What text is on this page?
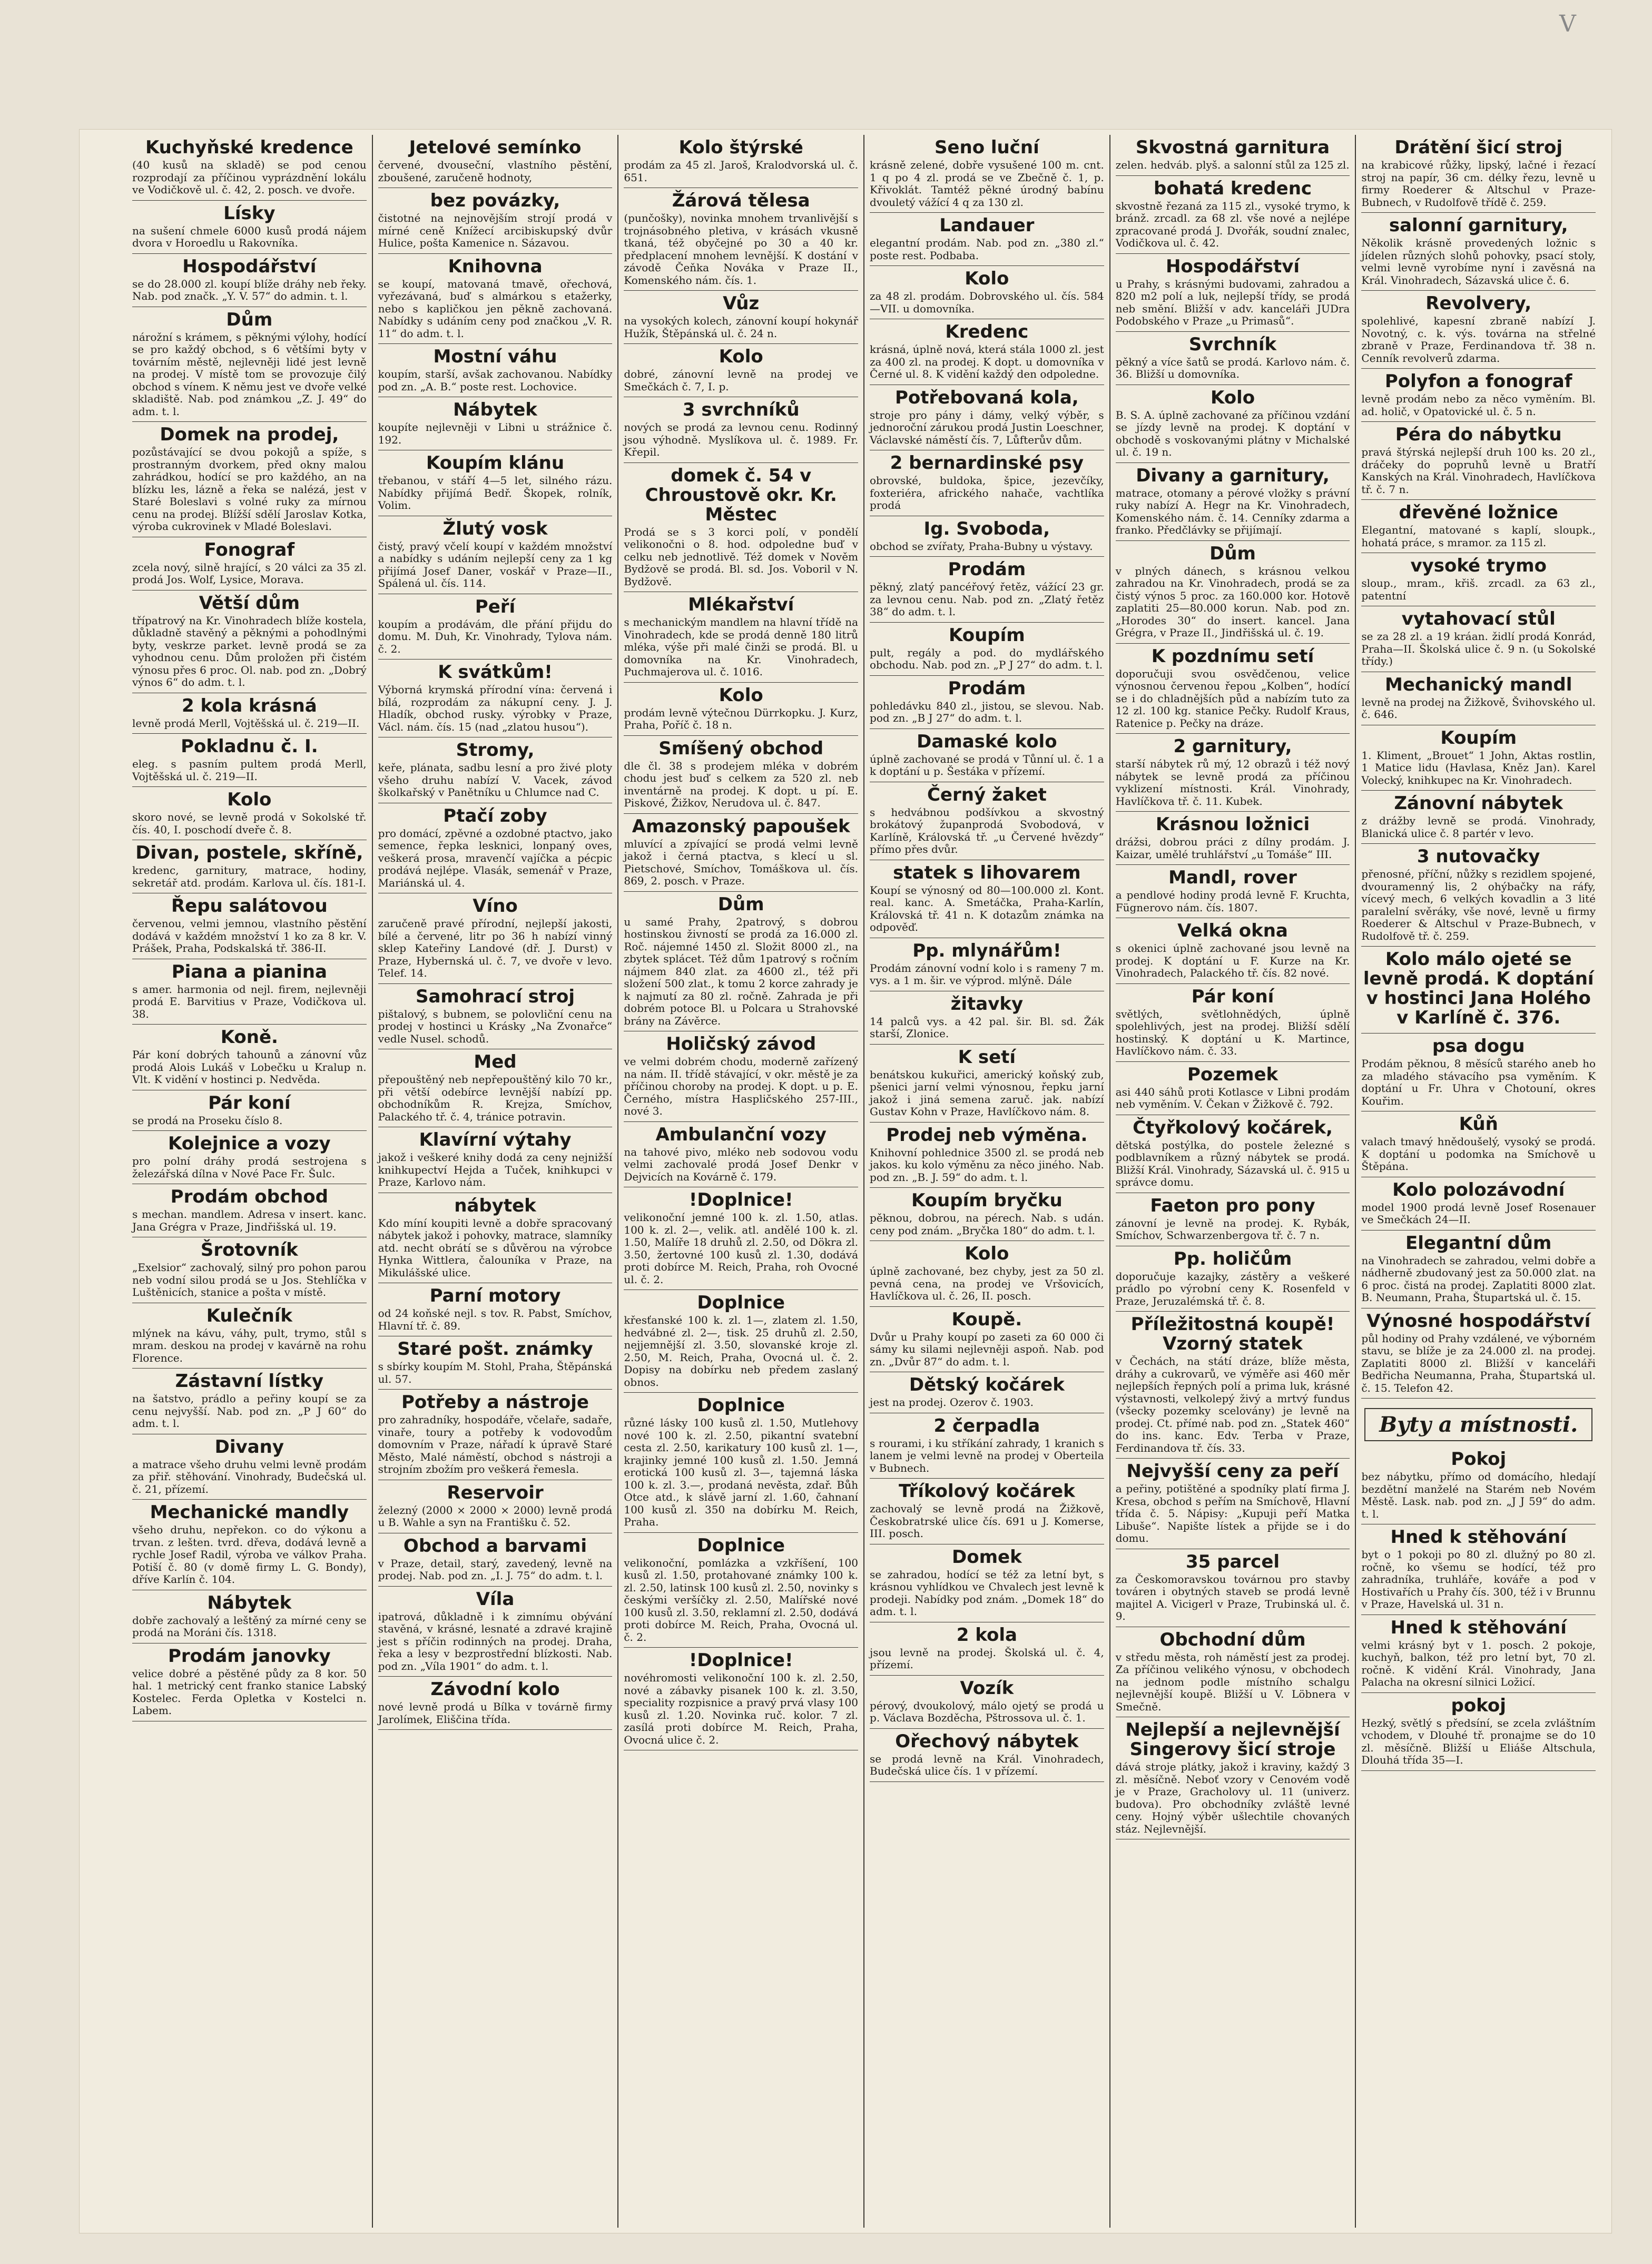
V
Kuchyňské kredence

(40 kusů na skladě) se pod cenou rozprodají za příčinou vyprázdnění lokálu ve Vodičkově ul. č. 42, 2. posch. ve dvoře.

Lísky

na sušení chmele 6000 kusů prodá nájem dvora v Horoedlu u Rakovníka.

Hospodářství

se do 28.000 zl. koupí blíže dráhy neb řeky. Nab. pod značk. „Y. V. 57“ do admin. t. l.

Dům

nárožní s krámem, s pěknými výlohy, hodící se pro každý obchod, s 6 většími byty v továrním městě, nejlevněji lidé jest levně na prodej. V místě tom se provozuje čilý obchod s vínem. K němu jest ve dvoře velké skladiště. Nab. pod známkou „Z. J. 49“ do adm. t. l.

Domek na prodej,

pozůstávající se dvou pokojů a spíže, s prostranným dvorkem, před okny malou zahrádkou, hodící se pro každého, an na blízku les, lázně a řeka se nalézá, jest v Staré Boleslavi s volné ruky za mírnou cenu na prodej. Blížší sdělí Jaroslav Kotka, výroba cukrovinek v Mladé Boleslavi.

Fonograf

zcela nový, silně hrající, s 20 válci za 35 zl. prodá Jos. Wolf, Lysice, Morava.

Větší dům

třípatrový na Kr. Vinohradech blíže kostela, důkladně stavěný a pěknými a pohodlnými byty, veskrze parket. levně prodá se za vyhodnou cenu. Dům proložen při čistém výnosu přes 6 proc. Ol. nab. pod zn. „Dobrý výnos 6“ do adm. t. l.

2 kola krásná

levně prodá Merll, Vojtěšská ul. č. 219—II.

Pokladnu č. I.

eleg. s pasním pultem prodá Merll, Vojtěšská ul. č. 219—II.

Kolo

skoro nové, se levně prodá v Sokolské tř. čís. 40, I. poschodí dveře č. 8.

Divan, postele, skříně,

kredenc, garnitury, matrace, hodiny, sekretář atd. prodám. Karlova ul. čís. 181-I.

Řepu salátovou

červenou, velmi jemnou, vlastního pěstění dodává v každém množství 1 ko za 8 kr. V. Prášek, Praha, Podskalská tř. 386-II.

Piana a pianina

s amer. harmonia od nejl. firem, nejlevněji prodá E. Barvitius v Praze, Vodičkova ul. 38.

Koně.

Pár koní dobrých tahounů a zánovní vůz prodá Alois Lukáš v Lobečku u Kralup n. Vlt. K vidění v hostinci p. Nedvěda.

Pár koní

se prodá na Proseku číslo 8.

Kolejnice a vozy

pro polní dráhy prodá sestrojena s železářská dílna v Nové Pace Fr. Šulc.

Prodám obchod

s mechan. mandlem. Adresa v insert. kanc. Jana Grégra v Praze, Jindřišská ul. 19.

Šrotovník

„Exelsior“ zachovalý, silný pro pohon parou neb vodní silou prodá se u Jos. Stehlíčka v Luštěnicích, stanice a pošta v místě.

Kulečník

mlýnek na kávu, váhy, pult, trymo, stůl s mram. deskou na prodej v kavárně na rohu Florence.

Zástavní lístky

na šatstvo, prádlo a peřiny koupí se za cenu nejvyšší. Nab. pod zn. „P J 60“ do adm. t. l.

Divany

a matrace všeho druhu velmi levně prodám za přiř. stěhování. Vinohrady, Budečská ul. č. 21, přízemí.

Mechanické mandly

všeho druhu, nepřekon. co do výkonu a trvan. z lešten. tvrd. dřeva, dodává levně a rychle Josef Radil, výroba ve válkov Praha. Potiší č. 80 (v domě firmy L. G. Bondy), dříve Karlín č. 104.

Nábytek

dobře zachovalý a leštěný za mírné ceny se prodá na Moráni čís. 1318.

Prodám janovky

velice dobré a pěstěné půdy za 8 kor. 50 hal. 1 metrický cent franko stanice Labský Kostelec. Ferda Opletka v Kostelci n. Labem.

Jetelové semínko

červené, dvouseční, vlastního pěstění, zboušené, zaručeně hodnoty,

bez povázky,

čistotné na nejnovějším strojí prodá v mírné ceně Knížecí arcibiskupský dvůr Hulice, pošta Kamenice n. Sázavou.

Knihovna

se koupí, matovaná tmavě, ořechová, vyřezávaná, buď s almárkou s etažerky, nebo s kapličkou jen pěkně zachovaná. Nabídky s udáním ceny pod značkou „V. R. 11“ do adm. t. l.

Mostní váhu

koupím, starší, avšak zachovanou. Nabídky pod zn. „A. B.“ poste rest. Lochovice.

Nábytek

koupíte nejlevněji v Libni u strážnice č. 192.

Koupím klánu

třebanou, v stáří 4—5 let, silného rázu. Nabídky přijímá Bedř. Škopek, rolník, Volim.

Žlutý vosk

čistý, pravý včelí koupí v každém množství a nabídky s udáním nejlepší ceny za 1 kg přijímá Josef Daner, voskář v Praze—II., Spálená ul. čís. 114.

Peří

koupím a prodávám, dle přání přijdu do domu. M. Duh, Kr. Vinohrady, Tylova nám. č. 2.

K svátkům!

Výborná krymská přírodní vína: červená i bílá, rozprodám za nákupní ceny. J. J. Hladík, obchod rusky. výrobky v Praze, Václ. nám. čís. 15 (nad „zlatou husou“).

Stromy,

keře, plánata, sadbu lesní a pro živé ploty všeho druhu nabízí V. Vacek, závod školkařský v Panětníku u Chlumce nad C.

Ptačí zoby

pro domácí, zpěvné a ozdobné ptactvo, jako semence, řepka lesknici, lonpaný oves, veškerá prosa, mravenčí vajíčka a pécpic prodává nejlépe. Vlasák, semenář v Praze, Mariánská ul. 4.

Víno

zaručeně pravé přírodní, nejlepší jakosti, bílé a červené, litr po 36 h nabízí vinný sklep Kateřiny Landové (dř. J. Durst) v Praze, Hybernská ul. č. 7, ve dvoře v levo. Telef. 14.

Samohrací stroj

pištalový, s bubnem, se polovliční cenu na prodej v hostinci u Krásky „Na Zvonařce“ vedle Nusel. schodů.

Med

přepouštěný neb nepřepouštěný kilo 70 kr., při větší odebírce levnější nabízí pp. obchodníkům R. Krejza, Smíchov, Palackého tř. č. 4, tránice potravin.

Klavírní výtahy

jakož i veškeré knihy dodá za ceny nejnižší knihkupectví Hejda a Tuček, knihkupci v Praze, Karlovo nám.

nábytek

Kdo míní koupiti levně a dobře spracovaný nábytek jakož i pohovky, matrace, slamníky atd. necht obrátí se s důvěrou na výrobce Hynka Wittlera, čalouníka v Praze, na Mikulášské ulice.

Parní motory

od 24 koňské nejl. s tov. R. Pabst, Smíchov, Hlavní tř. č. 89.

Staré pošt. známky

s sbírky koupím M. Stohl, Praha, Štěpánská ul. 57.

Potřeby a nástroje

pro zahradníky, hospodáře, včelaře, sadaře, vinaře, toury a potřeby k vodovodům domovním v Praze, nářadí k úpravě Staré Město, Malé náměstí, obchod s nástroji a strojním zbožím pro veškerá řemesla.

Reservoir

železný (2000 × 2000 × 2000) levně prodá u B. Wahle a syn na Františku č. 52.

Obchod a barvami

v Praze, detail, starý, zavedený, levně na prodej. Nab. pod zn. „I. J. 75“ do adm. t. l.

Víla

ipatrová, důkladně i k zimnímu obývání stavěná, v krásné, lesnaté a zdravé krajině jest s příčin rodinných na prodej. Draha, řeka a lesy v bezprostřední blízkosti. Nab. pod zn. „Víla 1901“ do adm. t. l.

Závodní kolo

nové levně prodá u Bílka v továrně firmy Jarolímek, Eliščina třída.

Kolo štýrské

prodám za 45 zl. Jaroš, Kralodvorská ul. č. 651.

Žárová tělesa

(punčošky), novinka mnohem trvanlivější s trojnásobného pletiva, v krásách vkusně tkaná, též obyčejné po 30 a 40 kr. předplacení mnohem levnější. K dostání v závodě Čeňka Nováka v Praze II., Komenského nám. čís. 1.

Vůz

na vysokých kolech, zánovní koupí hokynář Hužík, Štěpánská ul. č. 24 n.

Kolo

dobré, zánovní levně na prodej ve Smečkách č. 7, I. p.

3 svrchníků

nových se prodá za levnou cenu. Rodinný jsou výhodně. Myslíkova ul. č. 1989. Fr. Křepil.

domek č. 54 v Chroustově okr. Kr. Městec

Prodá se s 3 korci polí, v pondělí velikonočni o 8. hod. odpoledne buď v celku neb jednotlivě. Též domek v Nověm Bydžově se prodá. Bl. sd. Jos. Voboril v N. Bydžově.

Mlékařství

s mechanickým mandlem na hlavní třídě na Vinohradech, kde se prodá denně 180 litrů mléka, výše při malé činži se prodá. Bl. u domovníka na Kr. Vinohradech, Puchmajerova ul. č. 1016.

Kolo

prodám levně výtečnou Dürrkopku. J. Kurz, Praha, Poříč č. 18 n.

Smíšený obchod

dle čl. 38 s prodejem mléka v dobrém chodu jest buď s celkem za 520 zl. neb inventárně na prodej. K dopt. u pí. E. Piskové, Žižkov, Nerudova ul. č. 847.

Amazonský papoušek

mluvící a zpívající se prodá velmi levně jakož i černá ptactva, s klecí u sl. Pietschové, Smíchov, Tomáškova ul. čís. 869, 2. posch. v Praze.

Dům

u samé Prahy, 2patrový, s dobrou hostinskou živností se prodá za 16.000 zl. Roč. nájemné 1450 zl. Složit 8000 zl., na zbytek splácet. Též dům 1patrový s ročním nájmem 840 zlat. za 4600 zl., též při složení 500 zlat., k tomu 2 korce zahrady je k najmutí za 80 zl. ročně. Zahrada je při dobrém potoce Bl. u Polcara u Strahovské brány na Závěrce.

Holičský závod

ve velmi dobrém chodu, moderně zařízený na nám. II. třídě stávající, v okr. městě je za příčinou choroby na prodej. K dopt. u p. E. Černého, místra Haspličského 257-III., nové 3.

Ambulanční vozy

na tahové pivo, mléko neb sodovou vodu velmi zachovalé prodá Josef Denkr v Dejvicích na Kovárně č. 179.

!Doplnice!

velikonoční jemné 100 k. zl. 1.50, atlas. 100 k. zl. 2—, velik. atl. andělé 100 k. zl. 1.50, Malíře 18 druhů zl. 2.50, od Dökra zl. 3.50, žertovné 100 kusů zl. 1.30, dodává proti dobírce M. Reich, Praha, roh Ovocné ul. č. 2.

Doplnice

křesťanské 100 k. zl. 1—, zlatem zl. 1.50, hedvábné zl. 2—, tisk. 25 druhů zl. 2.50, nejjemnější zl. 3.50, slovanské kroje zl. 2.50, M. Reich, Praha, Ovocná ul. č. 2. Dopisy na dobírku neb předem zaslaný obnos.

Doplnice

různé lásky 100 kusů zl. 1.50, Mutlehovy nové 100 k. zl. 2.50, pikantní svatební cesta zl. 2.50, karikatury 100 kusů zl. 1—, krajinky jemné 100 kusů zl. 1.50. Jemná erotická 100 kusů zl. 3—, tajemná láska 100 k. zl. 3.—, prodaná nevěsta, zdař. Bůh Otce atd., k slávě jarní zl. 1.60, čahnaní 100 kusů zl. 350 na dobírku M. Reich, Praha.

Doplnice

velikonoční, pomlázka a vzkříšení, 100 kusů zl. 1.50, protahované známky 100 k. zl. 2.50, latinsk 100 kusů zl. 2.50, novinky s českými veršíčky zl. 2.50, Malířské nové 100 kusů zl. 3.50, reklamní zl. 2.50, dodává proti dobírce M. Reich, Praha, Ovocná ul. č. 2.

!Doplnice!

novéhromosti velikonoční 100 k. zl. 2.50, nové a zábavky pisanek 100 k. zl. 3.50, speciality rozpisnice a pravý prvá vlasy 100 kusů zl. 1.20. Novinka ruč. kolor. 7 zl. zasílá proti dobírce M. Reich, Praha, Ovocná ulice č. 2.

Seno luční

krásně zelené, dobře vysušené 100 m. cnt. 1 q po 4 zl. prodá se ve Zbečně č. 1, p. Křivoklát. Tamtéž pěkné úrodný babínu dvouletý vážící 4 q za 130 zl.

Landauer

elegantní prodám. Nab. pod zn. „380 zl.“ poste rest. Podbaba.

Kolo

za 48 zl. prodám. Dobrovského ul. čís. 584—VII. u domovníka.

Kredenc

krásná, úplně nová, která stála 1000 zl. jest za 400 zl. na prodej. K dopt. u domovníka v Černé ul. 8. K vidění každý den odpoledne.

Potřebovaná kola,

stroje pro pány i dámy, velký výběr, s jednoroční zárukou prodá Justin Loeschner, Václavské náměstí čís. 7, Lůfterův dům.

2 bernardinské psy

obrovské, buldoka, špice, jezevčíky, foxteriéra, afrického nahače, vachtlíka prodá

Ig. Svoboda,

obchod se zvířaty, Praha-Bubny u výstavy.

Prodám

pěkný, zlatý pancéřový řetěz, vážící 23 gr. za levnou cenu. Nab. pod zn. „Zlatý řetěz 38“ do adm. t. l.

Koupím

pult, regály a pod. do mydlářského obchodu. Nab. pod zn. „P J 27“ do adm. t. l.

Prodám

pohledávku 840 zl., jistou, se slevou. Nab. pod zn. „B J 27“ do adm. t. l.

Damaské kolo

úplně zachované se prodá v Tůnní ul. č. 1 a k doptání u p. Šestáka v přízemí.

Černý žaket

s hedvábnou podšívkou a skvostný brokátový županprodá Svobodová, v Karlíně, Královská tř. „u Červené hvězdy“ přímo přes dvůr.

statek s lihovarem

Koupí se výnosný od 80—100.000 zl. Kont. real. kanc. A. Smetáčka, Praha-Karlín, Královská tř. 41 n. K dotazům známka na odpověď.

Pp. mlynářům!

Prodám zánovní vodní kolo i s rameny 7 m. vys. a 1 m. šir. ve výprod. mlýně. Dále

žitavky

14 palců vys. a 42 pal. šir. Bl. sd. Žák starší, Zlonice.

K setí

benátskou kukuřici, americký koňský zub, pšenici jarní velmi výnosnou, řepku jarní jakož i jiná semena zaruč. jak. nabízí Gustav Kohn v Praze, Havlíčkovo nám. 8.

Prodej neb výměna.

Knihovní pohlednice 3500 zl. se prodá neb jakos. ku kolo výměnu za něco jiného. Nab. pod zn. „B. J. 59“ do adm. t. l.

Koupím bryčku

pěknou, dobrou, na pérech. Nab. s udán. ceny pod znám. „Bryčka 180“ do adm. t. l.

Kolo

úplně zachované, bez chyby, jest za 50 zl. pevná cena, na prodej ve Vršovicích, Havlíčkova ul. č. 26, II. posch.

Koupě.

Dvůr u Prahy koupí po zaseti za 60 000 či sámy ku silami nejlevněji aspoň. Nab. pod zn. „Dvůr 87“ do adm. t. l.

Dětský kočárek

jest na prodej. Ozerov č. 1903.

2 čerpadla

s rourami, i ku stříkání zahrady, 1 kranich s lanem je velmi levně na prodej v Oberteila v Bubnech.

Tříkolový kočárek

zachovalý se levně prodá na Žižkově, Českobratrské ulice čís. 691 u J. Komerse, III. posch.

Domek

se zahradou, hodící se též za letní byt, s krásnou vyhlídkou ve Chvalech jest levně k prodeji. Nabídky pod znám. „Domek 18“ do adm. t. l.

2 kola

jsou levně na prodej. Školská ul. č. 4, přízemí.

Vozík

pérový, dvoukolový, málo ojetý se prodá u p. Václava Bozděcha, Pštrossova ul. č. 1.

Ořechový nábytek

se prodá levně na Král. Vinohradech, Budečská ulice čís. 1 v přízemí.

Skvostná garnitura

zelen. hedváb. plyš. a salonní stůl za 125 zl.

bohatá kredenc

skvostně řezaná za 115 zl., vysoké trymo, k bránž. zrcadl. za 68 zl. vše nové a nejlépe zpracované prodá J. Dvořák, soudní znalec, Vodičkova ul. č. 42.

Hospodářství

u Prahy, s krásnými budovami, zahradou a 820 m2 polí a luk, nejlepší třídy, se prodá neb smění. Bližší v adv. kanceláři JUDra Podobského v Praze „u Primasů“.

Svrchník

pěkný a více šatů se prodá. Karlovo nám. č. 36. Bližší u domovníka.

Kolo

B. S. A. úplně zachované za příčinou vzdání se jízdy levně na prodej. K doptání v obchodě s voskovanými plátny v Michalské ul. č. 19 n.

Divany a garnitury,

matrace, otomany a pérové vložky s právní ruky nabízí A. Hegr na Kr. Vinohradech, Komenského nám. č. 14. Cenníky zdarma a franko. Předčlávky se přijímají.

Dům

v plných dánech, s krásnou velkou zahradou na Kr. Vinohradech, prodá se za čistý výnos 5 proc. za 160.000 kor. Hotově zaplatiti 25—80.000 korun. Nab. pod zn. „Horodes 30“ do insert. kancel. Jana Grégra, v Praze II., Jindřišská ul. č. 19.

K pozdnímu setí

doporučuji svou osvědčenou, velice výnosnou červenou řepou „Kolben“, hodící se i do chladnějších půd a nabízím tuto za 12 zl. 100 kg. stanice Pečky. Rudolf Kraus, Ratenice p. Pečky na dráze.

2 garnitury,

starší nábytek rů mý, 12 obrazů i též nový nábytek se levně prodá za příčinou vyklizení místnosti. Král. Vinohrady, Havlíčkova tř. č. 11. Kubek.

Krásnou ložnici

drážsi, dobrou práci z dílny prodám. J. Kaizar, umělé truhlářství „u Tomáše“ III.

Mandl, rover

a pendlové hodiny prodá levně F. Kruchta, Fügnerovo nám. čís. 1807.

Velká okna

s okenici úplně zachované jsou levně na prodej. K doptání u F. Kurze na Kr. Vinohradech, Palackého tř. čís. 82 nové.

Pár koní

světlých, světlohnědých, úplně spolehlivých, jest na prodej. Bližší sdělí hostinský. K doptání u K. Martince, Havlíčkovo nám. č. 33.

Pozemek

asi 440 sáhů proti Kotlasce v Libni prodám neb vyměním. V. Čekan v Žižkově č. 792.

Čtyřkolový kočárek,

dětská postýlka, do postele železné s podblavníkem a různý nábytek se prodá. Bližší Král. Vinohrady, Sázavská ul. č. 915 u správce domu.

Faeton pro pony

zánovní je levně na prodej. K. Rybák, Smíchov, Schwarzenbergova tř. č. 7 n.

Pp. holičům

doporučuje kazajky, zástěry a veškeré prádlo po výrobní ceny K. Rosenfeld v Praze, Jeruzalémská tř. č. 8.

Příležitostná koupě! Vzorný statek

v Čechách, na státí dráze, blíže města, dráhy a cukrovarů, ve výměře asi 460 měr nejlepších řepných polí a prima luk, krásné výstavnosti, velkolepý živý a mrtvý fundus (všecky pozemky scelovány) je levně na prodej. Ct. přímé nab. pod zn. „Statek 460“ do ins. kanc. Edv. Terba v Praze, Ferdinandova tř. čís. 33.

Nejvyšší ceny za peří

a peřiny, potištěné a spodníky platí firma J. Kresa, obchod s peřím na Smíchově, Hlavní třída č. 5. Nápisy: „Kupuji peří Matka Libuše“. Napište lístek a přijde se i do domu.

35 parcel

za Českomoravskou továrnou pro stavby továren i obytných staveb se prodá levně majitel A. Vicigerl v Praze, Trubinská ul. č. 9.

Obchodní dům

v středu města, roh náměstí jest za prodej. Za příčinou velikého výnosu, v obchodech na jednom podle místního schalgu nejlevnější koupě. Bližší u V. Löbnera v Smečně.

Nejlepší a nejlevnější Singerovy šicí stroje

dává stroje plátky, jakož i kraviny, každý 3 zl. měsíčně. Neboť vzory v Cenovém vodě je v Praze, Gracholovy ul. 11 (univerz. budova). Pro obchodníky zvláště levné ceny. Hojný výběr ušlechtile chovaných stáz. Nejlevnější.

Drátění šicí stroj

na krabicové růžky, lipský, lačné i řezací stroj na papír, 36 cm. délky řezu, levně u firmy Roederer & Altschul v Praze-Bubnech, v Rudolfově třídě č. 259.

salonní garnitury,

Několik krásně provedených ložnic s jídelen různých slohů pohovky, psací stoly, velmi levně vyrobíme nyní i zavěsná na Král. Vinohradech, Sázavská ulice č. 6.

Revolvery,

spolehlivé, kapesní zbraně nabízí J. Novotný, c. k. výs. továrna na střelné zbraně v Praze, Ferdinandova tř. 38 n. Cenník revolverů zdarma.

Polyfon a fonograf

levně prodám nebo za něco vyměním. Bl. ad. holič, v Opatovické ul. č. 5 n.

Péra do nábytku

pravá štýrská nejlepší druh 100 ks. 20 zl., dráčeky do popruhů levně u Bratří Kanských na Král. Vinohradech, Havlíčkova tř. č. 7 n.

dřevěné ložnice

Elegantní, matované s kaplí, sloupk., hohatá práce, s mramor. za 115 zl.

vysoké trymo

sloup., mram., křiš. zrcadl. za 63 zl., patentní

vytahovací stůl

se za 28 zl. a 19 kráan. židlí prodá Konrád, Praha—II. Školská ulice č. 9 n. (u Sokolské třídy.)

Mechanický mandl

levně na prodej na Žižkově, Švihovského ul. č. 646.

Koupím

1. Kliment, „Brouet“ 1 John, Aktas rostlin, 1 Matice lidu (Havlasa, Kněz Jan). Karel Volecký, knihkupec na Kr. Vinohradech.

Zánovní nábytek

z drážby levně se prodá. Vinohrady, Blanická ulice č. 8 partér v levo.

3 nutovačky

přenosné, příční, nůžky s rezidlem spojené, dvouramenný lis, 2 ohýbačky na ráfy, vícevý mech, 6 velkých kovadlin a 3 lité paralelní svěráky, vše nové, levně u firmy Roederer & Altschul v Praze-Bubnech, v Rudolfově tř. č. 259.

Kolo málo ojeté se levně prodá. K doptání v hostinci Jana Holého v Karlíně č. 376.
psa dogu

Prodám pěknou, 8 měsíců starého aneb ho za mladého stávacího psa vyměním. K doptání u Fr. Uhra v Chotouní, okres Kouřim.

Kůň

valach tmavý hnědoušelý, vysoký se prodá. K doptání u podomka na Smíchově u Štěpána.

Kolo polozávodní

model 1900 prodá levně Josef Rosenauer ve Smečkách 24—II.

Elegantní dům

na Vinohradech se zahradou, velmi dobře a nádherně zbudovaný jest za 50.000 zlat. na 6 proc. čistá na prodej. Zaplatiti 8000 zlat. B. Neumann, Praha, Štupartská ul. č. 15.

Výnosné hospodářství

půl hodiny od Prahy vzdálené, ve výborném stavu, se blíže je za 24.000 zl. na prodej. Zaplatiti 8000 zl. Bližší v kanceláři Bedřicha Neumanna, Praha, Štupartská ul. č. 15. Telefon 42.

Byty a místnosti.
Pokoj

bez nábytku, přímo od domácího, hledají bezdětní manželé na Starém neb Novém Městě. Lask. nab. pod zn. „J J 59“ do adm. t. l.

Hned k stěhování

byt o 1 pokoji po 80 zl. dlužný po 80 zl. ročně, ko všemu se hodící, též pro zahradníka, truhláře, kováře a pod v Hostivařích u Prahy čís. 300, též i v Brunnu v Praze, Havelská ul. 31 n.

Hned k stěhování

velmi krásný byt v 1. posch. 2 pokoje, kuchyň, balkon, též pro letní byt, 70 zl. ročně. K vidění Král. Vinohrady, Jana Palacha na okresní silnici Ložicí.

pokoj

Hezký, světlý s předsíní, se zcela zvláštním vchodem, v Dlouhé tř. pronajme se do 10 zl. měsíčně. Bližší u Eliáše Altschula, Dlouhá třída 35—I.
